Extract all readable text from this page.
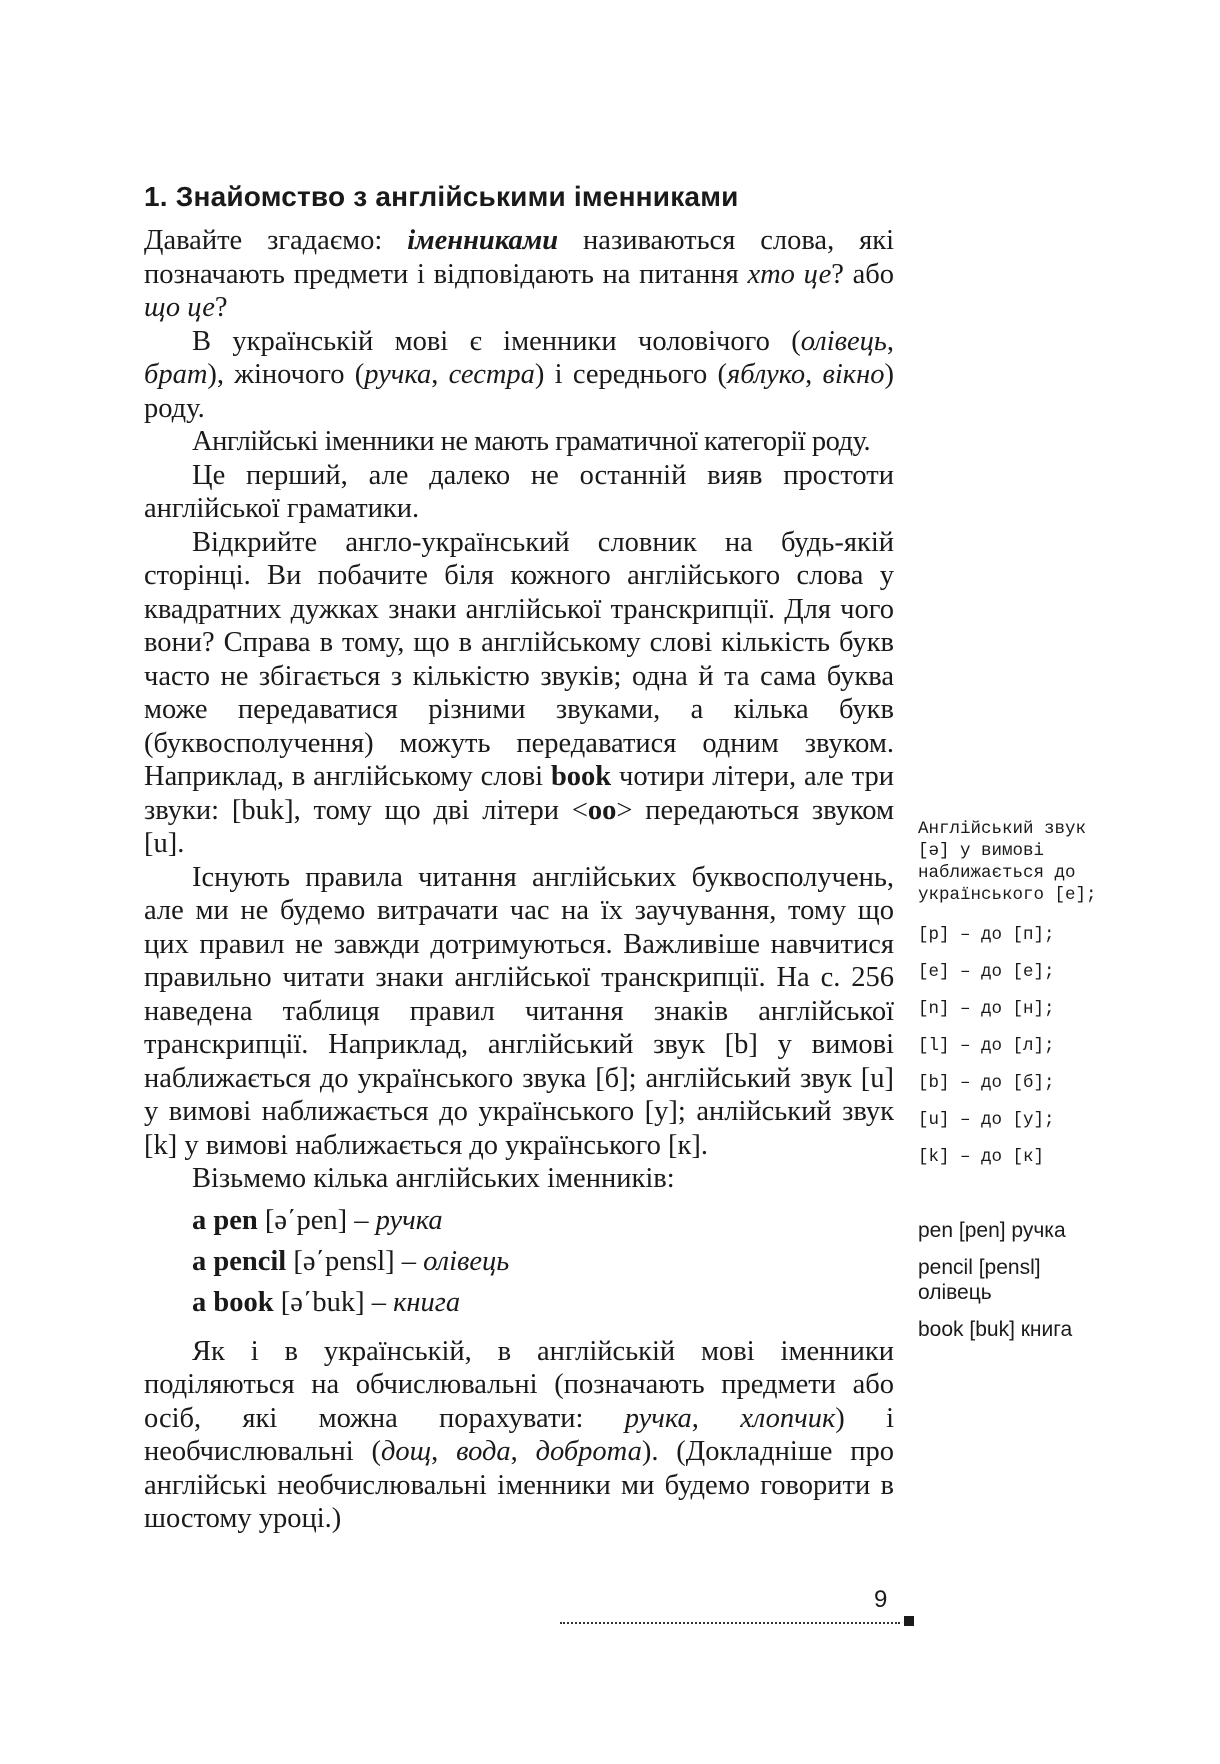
1. Знайомство з англійськими іменниками

Давайте згадаємо: іменниками називаються слова, які позначають предмети і відповідають на питання хто це? або що це?

В українській мові є іменники чоловічого (олівець, брат), жіночого (ручка, сестра) і середнього (яблуко, вікно) роду.

Англійські іменники не мають граматичної категорії роду.

Це перший, але далеко не останній вияв простоти англійської граматики.

Відкрийте англо-український словник на будь-якій сторінці. Ви побачите біля кожного англійського слова у квадратних дужках знаки англійської транскрипції. Для чого вони? Справа в тому, що в англійському слові кількість букв часто не збігається з кількістю звуків; одна й та сама буква може передаватися різними звуками, а кілька букв (буквосполучення) можуть передаватися одним звуком. Наприклад, в англійському слові book чотири літери, але три звуки: [buk], тому що дві літери <oo> передаються звуком [u].

Існують правила читання англійських буквосполучень, але ми не будемо витрачати час на їх заучування, тому що цих правил не завжди дотримуються. Важливіше навчитися правильно читати знаки англійської транскрипції. На с. 256 наведена таблиця правил читання знаків англійської транскрипції. Наприклад, англійський звук [b] у вимові наближається до українського звука [б]; англійський звук [u] у вимові наближається до українського [у]; анлійський звук [k] у вимові наближається до українського [к].

Візьмемо кілька англійських іменників:

a pen [ə΄pen] – ручка

a pencil [ə΄pensl] – олівець

a book [ə΄buk] – книга

Як і в українській, в англійській мові іменники поділяються на обчислювальні (позначають предмети або осіб, які можна порахувати: ручка, хлопчик) і необчислювальні (дощ, вода, доброта). (Докладніше про англійські необчислювальні іменники ми будемо говорити в шостому уроці.)

Англійський звук [ə] у вимові наближається до українського [е];
[p] – до [п];
[e] – до [е];
[n] – до [н];
[l] – до [л];
[b] – до [б];
[u] – до [у];
[k] – до [к]
pen [pen] ручка
pencil [pensl] олівець
book [buk] книга
9
